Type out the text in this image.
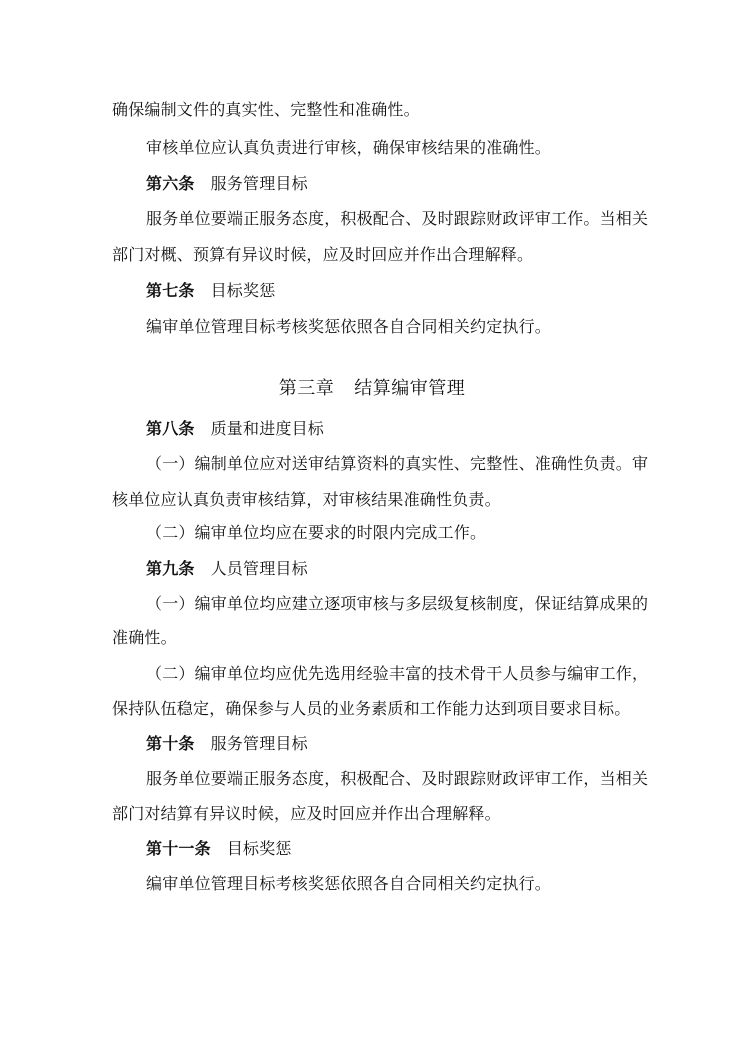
确保编制文件的真实性、完整性和准确性。
审核单位应认真负责进行审核，确保审核结果的准确性。
第六条 服务管理目标
服务单位要端正服务态度，积极配合、及时跟踪财政评审工作。当相关
部门对概、预算有异议时候，应及时回应并作出合理解释。
第七条 目标奖惩
编审单位管理目标考核奖惩依照各自合同相关约定执行。
第三章 结算编审管理
第八条 质量和进度目标
（一）编制单位应对送审结算资料的真实性、完整性、准确性负责。审
核单位应认真负责审核结算，对审核结果准确性负责。
（二）编审单位均应在要求的时限内完成工作。
第九条 人员管理目标
（一）编审单位均应建立逐项审核与多层级复核制度，保证结算成果的
准确性。
（二）编审单位均应优先选用经验丰富的技术骨干人员参与编审工作，
保持队伍稳定，确保参与人员的业务素质和工作能力达到项目要求目标。
第十条 服务管理目标
服务单位要端正服务态度，积极配合、及时跟踪财政评审工作，当相关
部门对结算有异议时候，应及时回应并作出合理解释。
第十一条 目标奖惩
编审单位管理目标考核奖惩依照各自合同相关约定执行。
